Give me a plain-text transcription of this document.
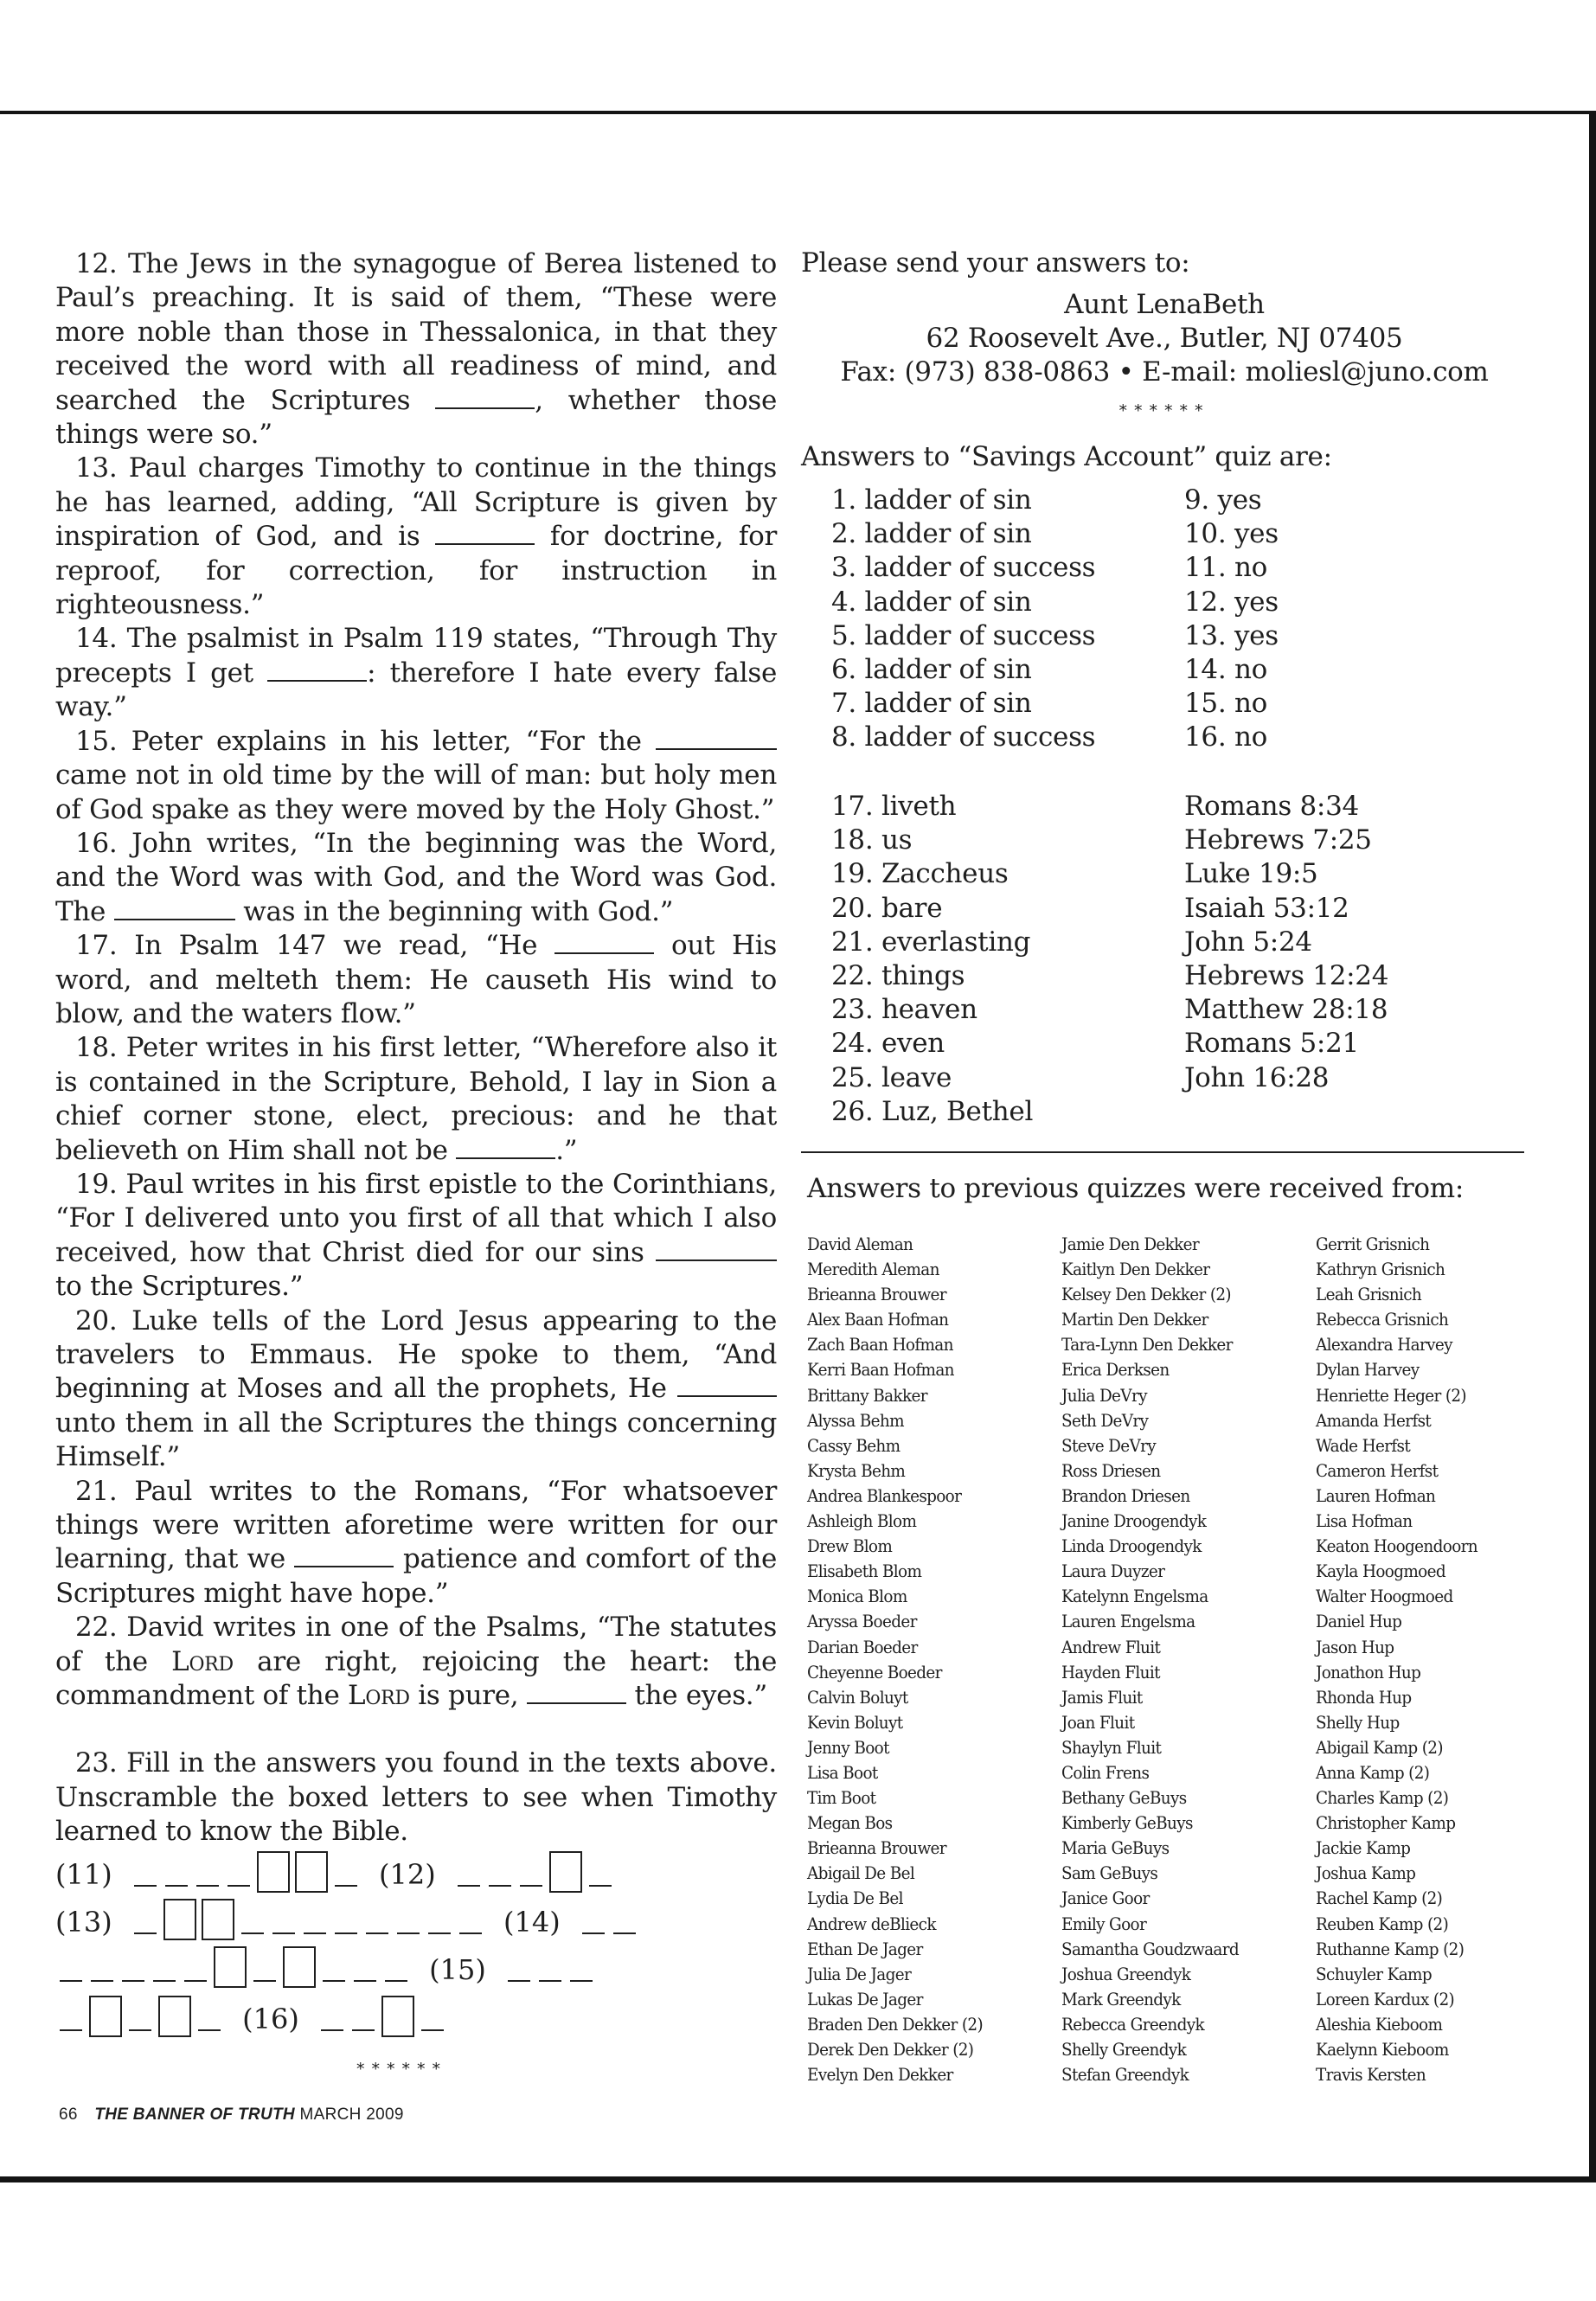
12. The Jews in the synagogue of Berea listened to Paul’s preaching. It is said of them, “These were more noble than those in Thessalonica, in that they received the word with all readiness of mind, and searched the Scriptures	, whether those things were so.”

13. Paul charges Timothy to continue in the things he has learned, adding, “All Scripture is given by inspiration of God, and is	for doctrine, for reproof, for correction, for instruction in righteousness.”

14. The psalmist in Psalm 119 states, “Through Thy precepts I get	: therefore I hate every false way.”

15. Peter explains in his letter, “For the  came not in old time by the will of man: but holy men of God spake as they were moved by the Holy Ghost.”

16. John writes, “In the beginning was the Word, and the Word was with God, and the Word was God. The	was in the beginning with God.”

17. In Psalm 147 we read, “He	out His word, and melteth them: He causeth His wind to blow, and the waters flow.”

18. Peter writes in his first letter, “Wherefore also it is contained in the Scripture, Behold, I lay in Sion a chief corner stone, elect, precious: and he that believeth on Him shall not be	.”

19. Paul writes in his first epistle to the Corinthians, “For I delivered unto you first of all that which I also received, how that Christ died for our sins  to the Scriptures.”

20. Luke tells of the Lord Jesus appearing to the travelers to Emmaus. He spoke to them, “And beginning at Moses and all the prophets, He  unto them in all the Scriptures the things concerning Himself.”

21. Paul writes to the Romans, “For whatsoever things were written aforetime were written for our learning, that we	patience and comfort of the Scriptures might have hope.”

22. David writes in one of the Psalms, “The statutes of the Lord are right, rejoicing the heart: the commandment of the Lord is pure,	the eyes.”

23. Fill in the answers you found in the texts above. Unscramble the boxed letters to see when Timothy learned to know the Bible.

(11)	(12)
(13)	(14)
(15)
(16)
******
66 THE BANNER OF TRUTH MARCH 2009
Please send your answers to:
Aunt LenaBeth
62 Roosevelt Ave., Butler, NJ 07405
Fax: (973) 838-0863 • E-mail: moliesl@juno.com
******
Answers to “Savings Account” quiz are:
1. ladder of sin	9. yes
2. ladder of sin	10. yes
3. ladder of success	11. no
4. ladder of sin	12. yes
5. ladder of success	13. yes
6. ladder of sin	14. no
7. ladder of sin	15. no
8. ladder of success	16. no
17. liveth	Romans 8:34
18. us	Hebrews 7:25
19. Zaccheus	Luke 19:5
20. bare	Isaiah 53:12
21. everlasting	John 5:24
22. things	Hebrews 12:24
23. heaven	Matthew 28:18
24. even	Romans 5:21
25. leave	John 16:28
26. Luz, Bethel
Answers to previous quizzes were received from:
David Aleman
Meredith Aleman
Brieanna Brouwer
Alex Baan Hofman
Zach Baan Hofman
Kerri Baan Hofman
Brittany Bakker
Alyssa Behm
Cassy Behm
Krysta Behm
Andrea Blankespoor
Ashleigh Blom
Drew Blom
Elisabeth Blom
Monica Blom
Aryssa Boeder
Darian Boeder
Cheyenne Boeder
Calvin Boluyt
Kevin Boluyt
Jenny Boot
Lisa Boot
Tim Boot
Megan Bos
Brieanna Brouwer
Abigail De Bel
Lydia De Bel
Andrew deBlieck
Ethan De Jager
Julia De Jager
Lukas De Jager
Braden Den Dekker (2)
Derek Den Dekker (2)
Evelyn Den Dekker
Jamie Den Dekker
Kaitlyn Den Dekker
Kelsey Den Dekker (2)
Martin Den Dekker
Tara-Lynn Den Dekker
Erica Derksen
Julia DeVry
Seth DeVry
Steve DeVry
Ross Driesen
Brandon Driesen
Janine Droogendyk
Linda Droogendyk
Laura Duyzer
Katelynn Engelsma
Lauren Engelsma
Andrew Fluit
Hayden Fluit
Jamis Fluit
Joan Fluit
Shaylyn Fluit
Colin Frens
Bethany GeBuys
Kimberly GeBuys
Maria GeBuys
Sam GeBuys
Janice Goor
Emily Goor
Samantha Goudzwaard
Joshua Greendyk
Mark Greendyk
Rebecca Greendyk
Shelly Greendyk
Stefan Greendyk
Gerrit Grisnich
Kathryn Grisnich
Leah Grisnich
Rebecca Grisnich
Alexandra Harvey
Dylan Harvey
Henriette Heger (2)
Amanda Herfst
Wade Herfst
Cameron Herfst
Lauren Hofman
Lisa Hofman
Keaton Hoogendoorn
Kayla Hoogmoed
Walter Hoogmoed
Daniel Hup
Jason Hup
Jonathon Hup
Rhonda Hup
Shelly Hup
Abigail Kamp (2)
Anna Kamp (2)
Charles Kamp (2)
Christopher Kamp
Jackie Kamp
Joshua Kamp
Rachel Kamp (2)
Reuben Kamp (2)
Ruthanne Kamp (2)
Schuyler Kamp
Loreen Kardux (2)
Aleshia Kieboom
Kaelynn Kieboom
Travis Kersten
